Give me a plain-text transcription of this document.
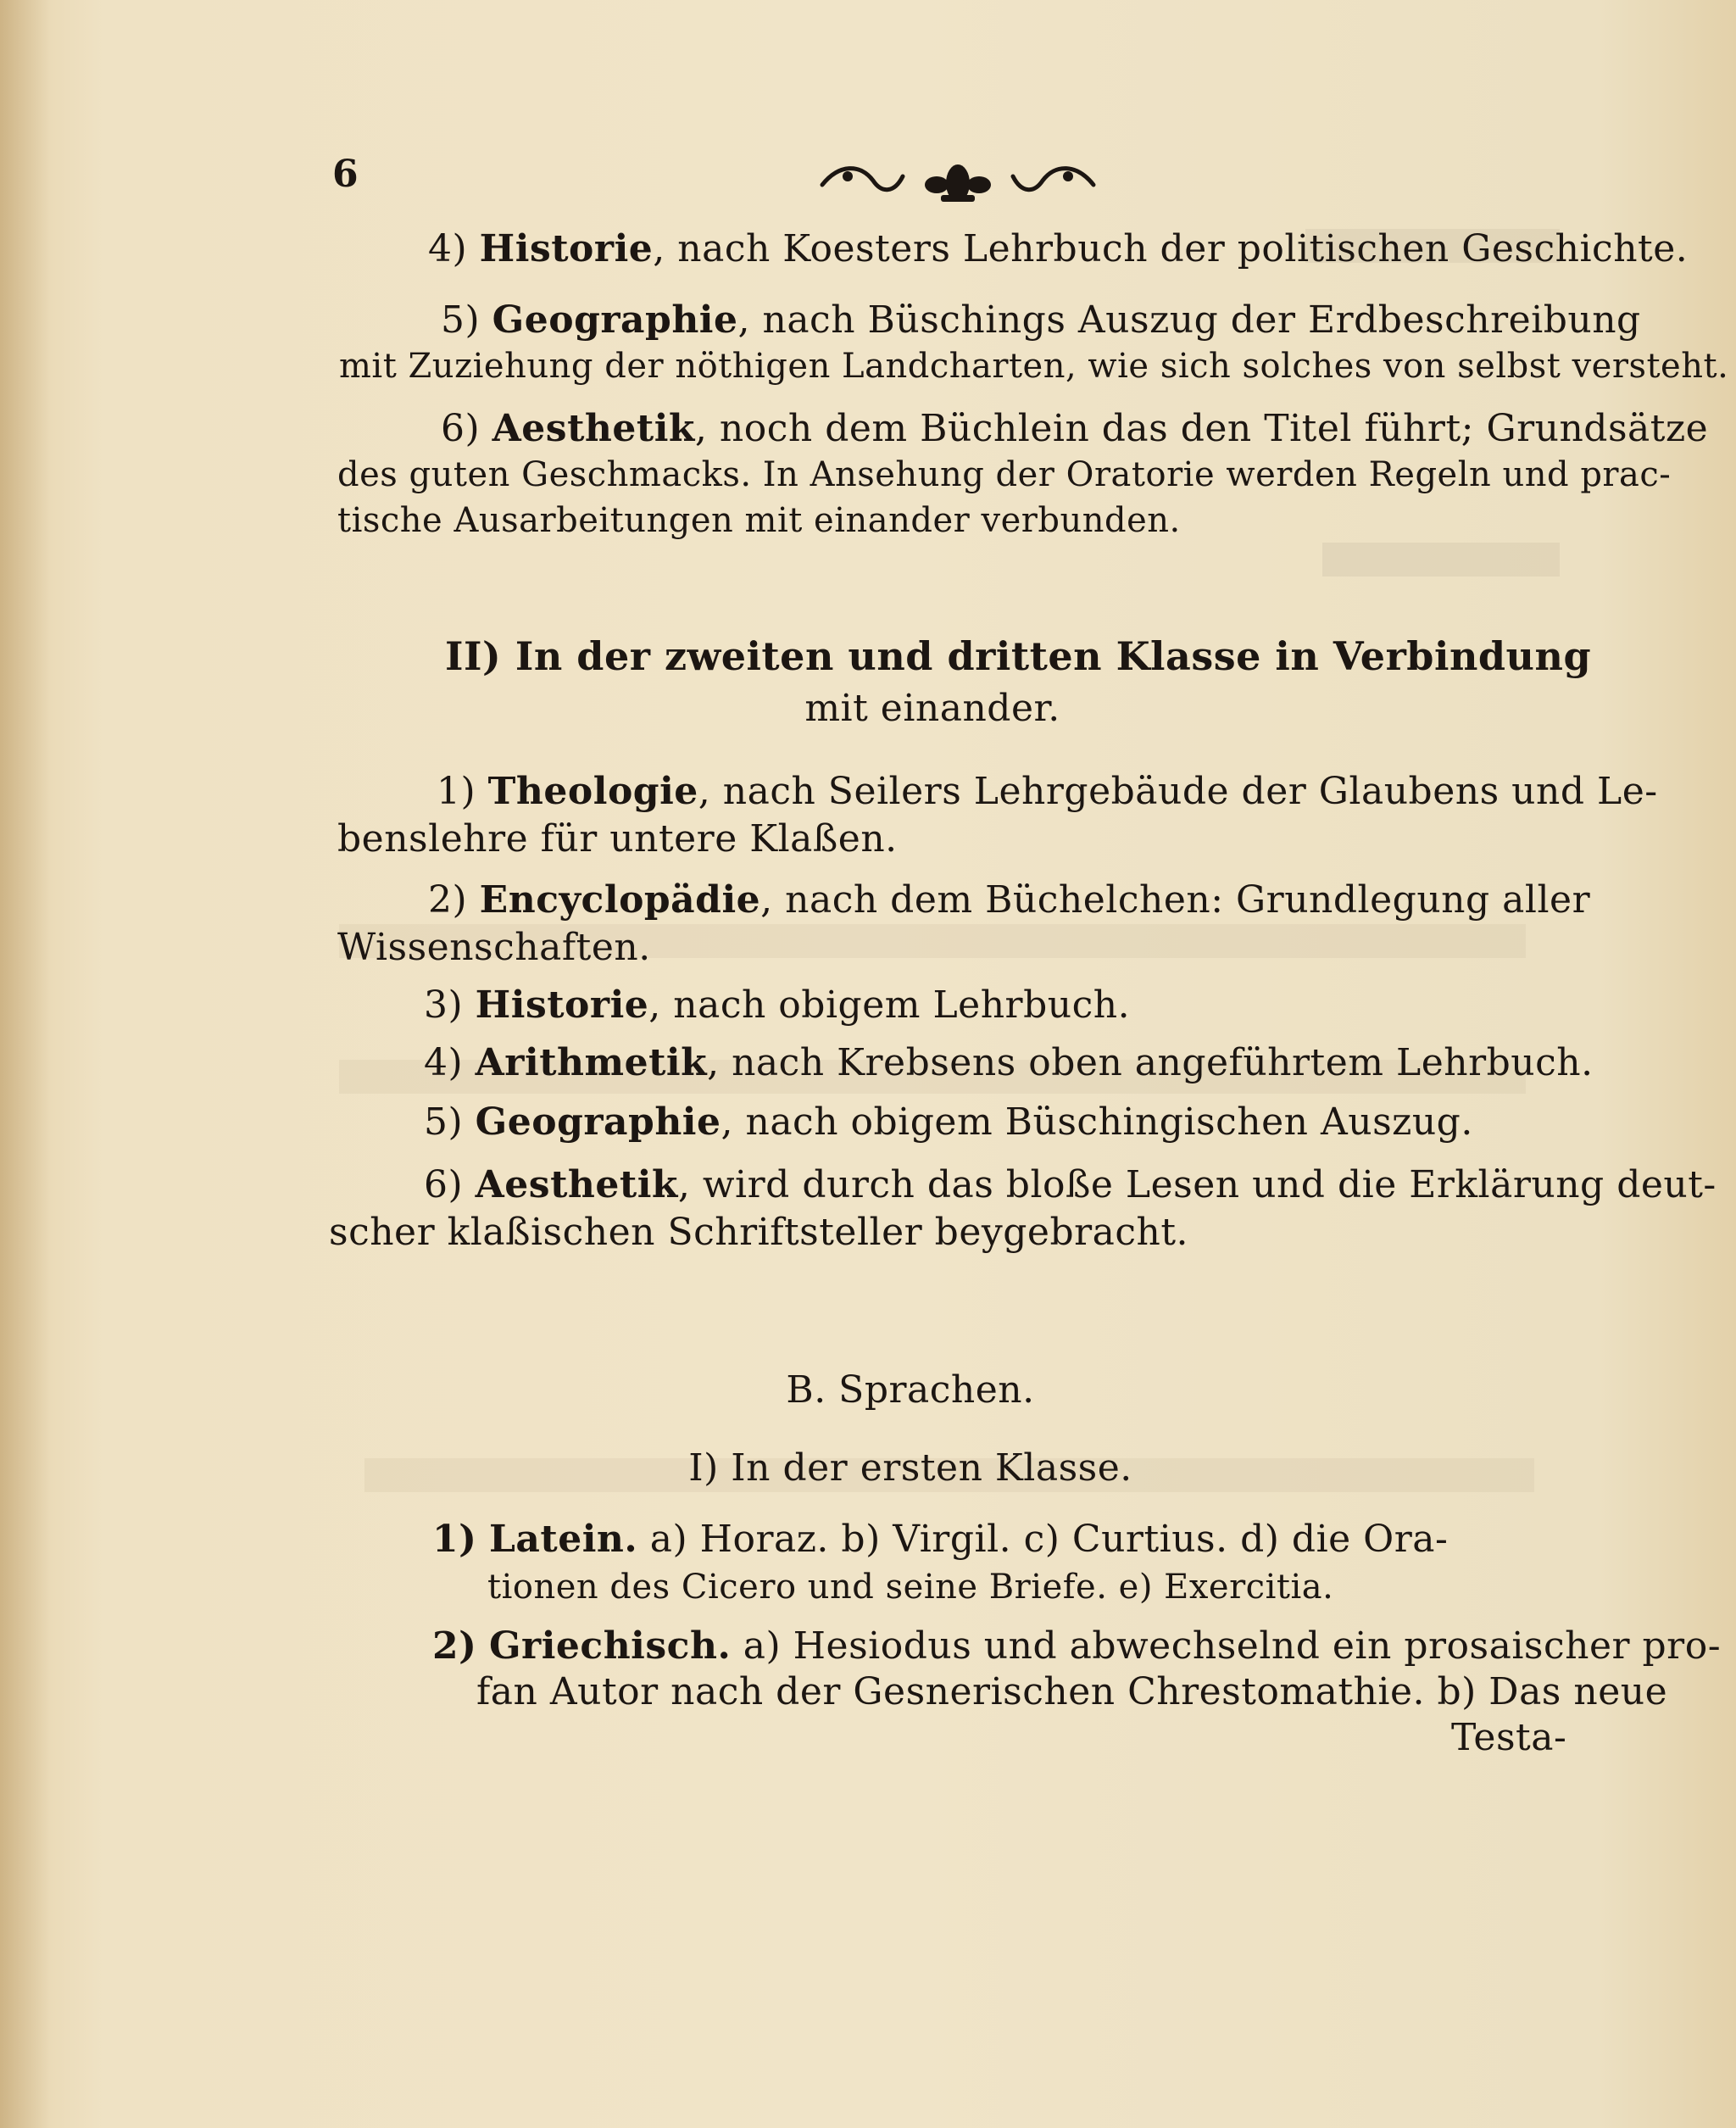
6
4) Historie, nach Koesters Lehrbuch der politischen Geschichte.
5) Geographie, nach Büschings Auszug der Erdbeschreibung
mit Zuziehung der nöthigen Landcharten, wie sich solches von selbst versteht.
6) Aesthetik, noch dem Büchlein das den Titel führt; Grundsätze
des guten Geschmacks. In Ansehung der Oratorie werden Regeln und prac-
tische Ausarbeitungen mit einander verbunden.
II) In der zweiten und dritten Klasse in Verbindung
mit einander.
1) Theologie, nach Seilers Lehrgebäude der Glaubens und Le-
benslehre für untere Klaßen.
2) Encyclopädie, nach dem Büchelchen: Grundlegung aller
Wissenschaften.
3) Historie, nach obigem Lehrbuch.
4) Arithmetik, nach Krebsens oben angeführtem Lehrbuch.
5) Geographie, nach obigem Büschingischen Auszug.
6) Aesthetik, wird durch das bloße Lesen und die Erklärung deut-
scher klaßischen Schriftsteller beygebracht.
B. Sprachen.
I) In der ersten Klasse.
1) Latein. a) Horaz. b) Virgil. c) Curtius. d) die Ora-
tionen des Cicero und seine Briefe. e) Exercitia.
2) Griechisch. a) Hesiodus und abwechselnd ein prosaischer pro-
fan Autor nach der Gesnerischen Chrestomathie. b) Das neue
Testa-
